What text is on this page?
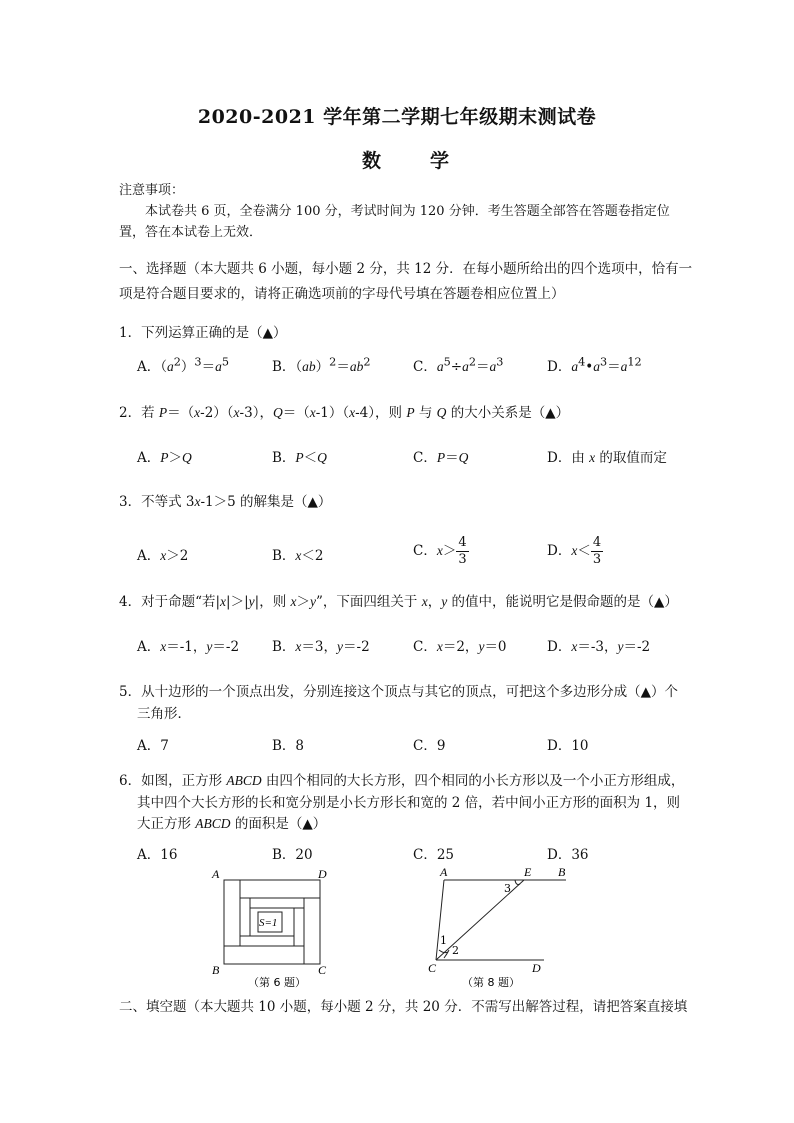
2020-2021 学年第二学期七年级期末测试卷
数	学
注意事项：
本试卷共 6 页，全卷满分 100 分，考试时间为 120 分钟．考生答题全部答在答题卷指定位
置，答在本试卷上无效．
一、选择题（本大题共 6 小题，每小题 2 分，共 12 分．在每小题所给出的四个选项中，恰有一
项是符合题目要求的，请将正确选项前的字母代号填在答题卷相应位置上）
1．下列运算正确的是（▲）
A．$(a^2)^3=a^5$	B．$(ab)^2=ab^2$	C．$a^5\div a^2=a^3$	D．$a^4•a^3=a^{12}$
2．若 P＝（x-2）（x-3），Q＝（x-1）（x-4），则 P 与 Q 的大小关系是（▲）
A．P＞Q	B．P＜Q	C．P＝Q	D．由 x 的取值而定
3．不等式 3x-1＞5 的解集是（▲）
A．x＞2	B．x＜2	C．$x> \frac{4}{3}$	D．$x< \frac{4}{3}$
4．对于命题“若|x|＞|y|，则 x＞y”，下面四组关于 x，y 的值中，能说明它是假命题的是（▲）
A．x＝-1，y＝-2 B．x＝3，y＝-2	C．x＝2，y＝0	D．x＝-3，y＝-2
5．从十边形的一个顶点出发，分别连接这个顶点与其它的顶点，可把这个多边形分成（▲）个
三角形．
A．7	B．8	C．9	D．10
6．如图，正方形 ABCD 由四个相同的大长方形，四个相同的小长方形以及一个小正方形组成，
其中四个大长方形的长和宽分别是小长方形长和宽的 2 倍，若中间小正方形的面积为 1，则
大正方形 ABCD 的面积是（▲）
A．16	B．20	C．25	D．36
A	D
B	C
S=1
（第 6 题）
A	E B
C	D
1
2
3
（第 8 题）
二、填空题（本大题共 10 小题，每小题 2 分，共 20 分．不需写出解答过程，请把答案直接填
